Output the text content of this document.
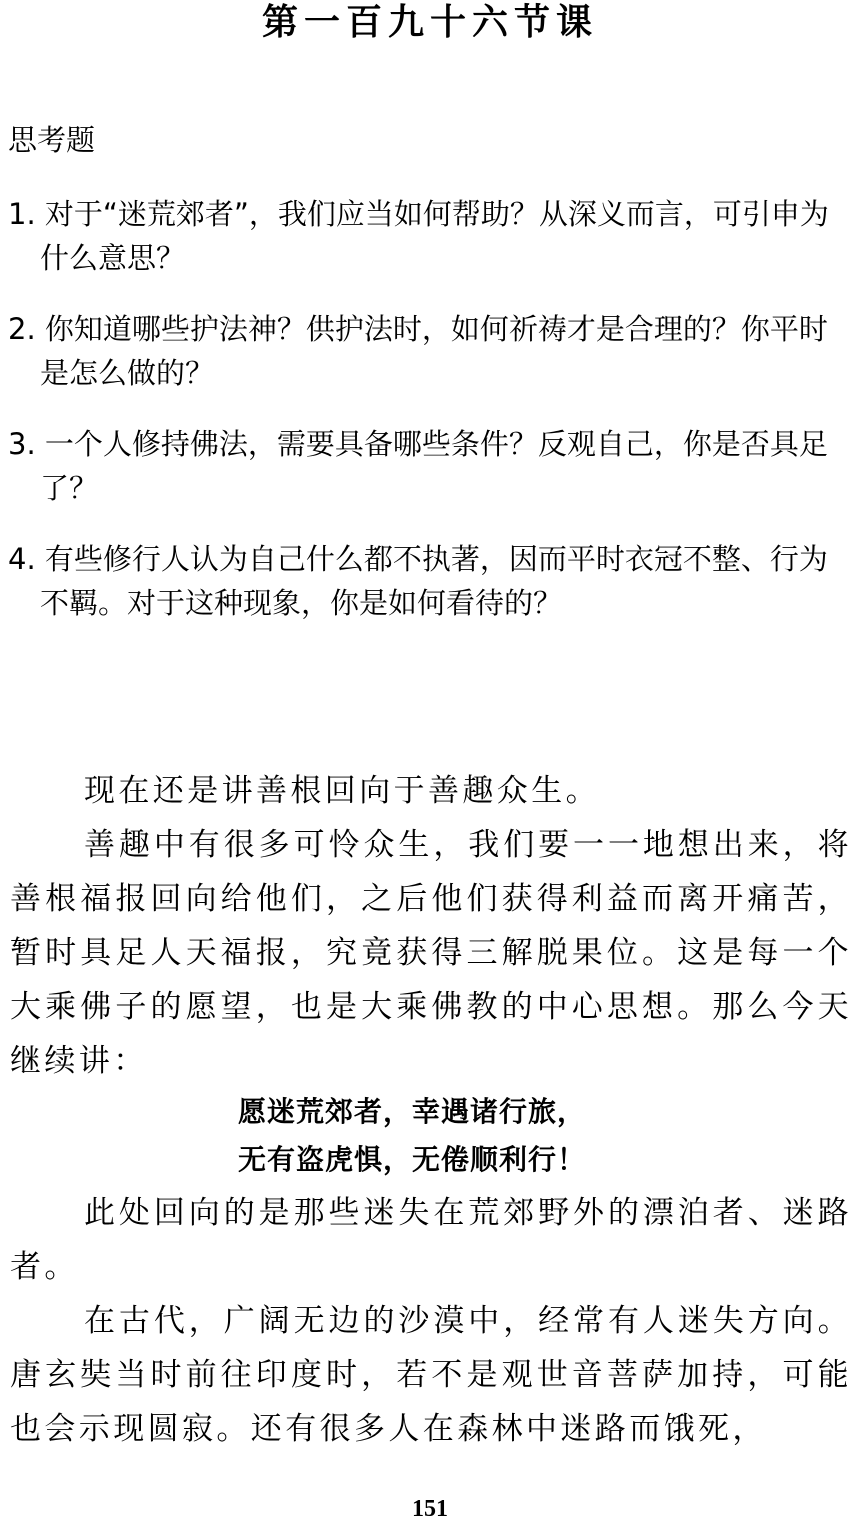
第一百九十六节课
思考题
1. 对于“迷荒郊者”，我们应当如何帮助？从深义而言，可引申为什么意思？
2. 你知道哪些护法神？供护法时，如何祈祷才是合理的？你平时是怎么做的？
3. 一个人修持佛法，需要具备哪些条件？反观自己，你是否具足了？
4. 有些修行人认为自己什么都不执著，因而平时衣冠不整、行为不羁。对于这种现象，你是如何看待的？

现在还是讲善根回向于善趣众生。

善趣中有很多可怜众生，我们要一一地想出来，将善根福报回向给他们，之后他们获得利益而离开痛苦，暂时具足人天福报，究竟获得三解脱果位。这是每一个大乘佛子的愿望，也是大乘佛教的中心思想。那么今天继续讲：

愿迷荒郊者，幸遇诸行旅，
无有盗虎惧，无倦顺利行！

此处回向的是那些迷失在荒郊野外的漂泊者、迷路者。

在古代，广阔无边的沙漠中，经常有人迷失方向。唐玄奘当时前往印度时，若不是观世音菩萨加持，可能也会示现圆寂。还有很多人在森林中迷路而饿死，

151
